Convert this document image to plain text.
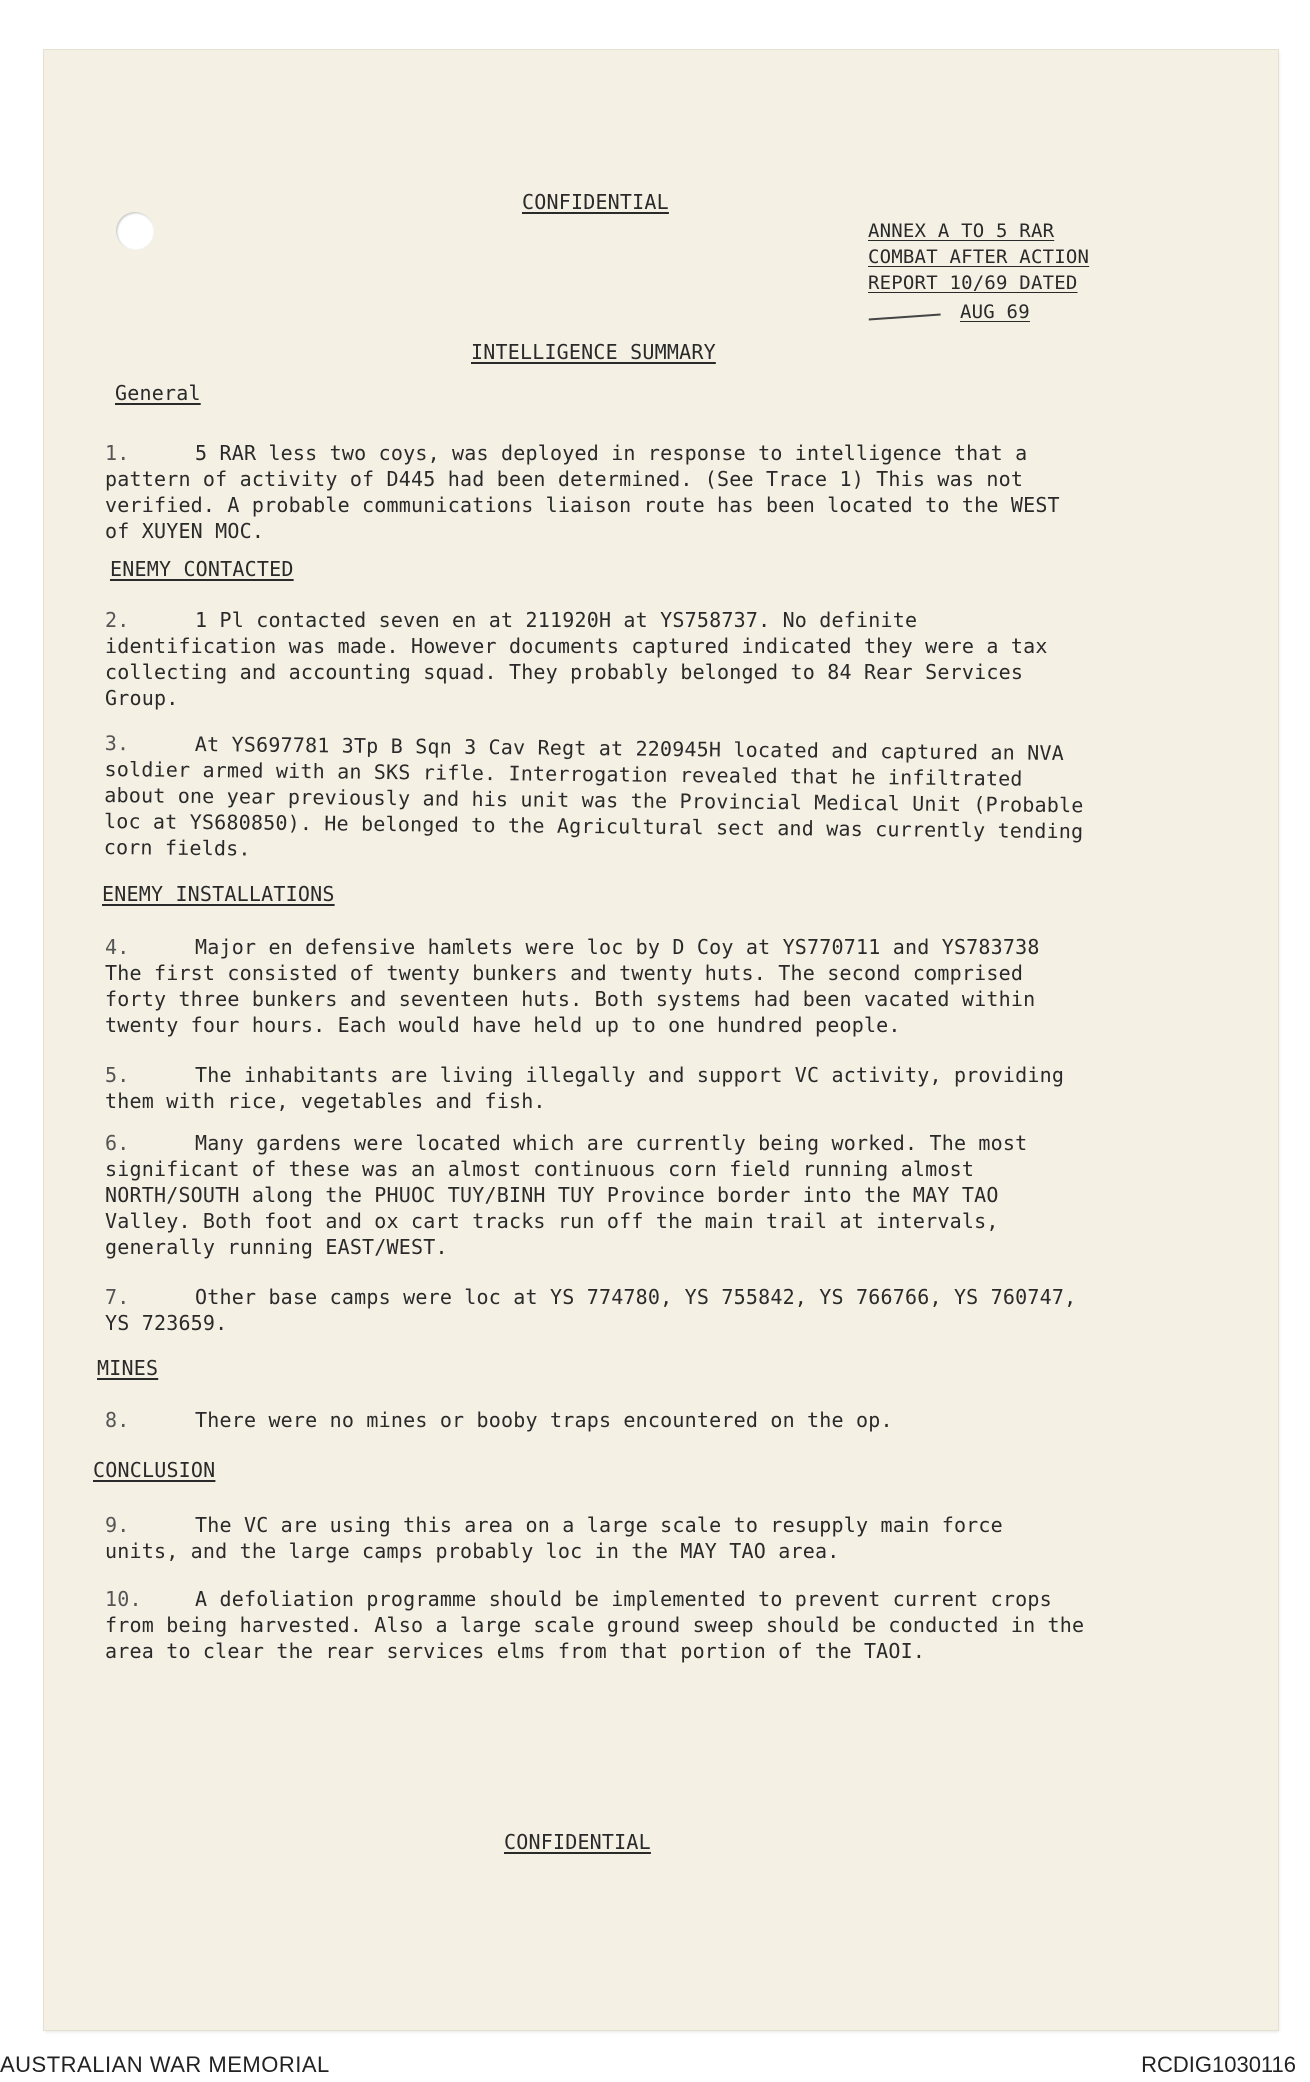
CONFIDENTIAL
ANNEX A TO 5 RAR
COMBAT AFTER ACTION
REPORT 10/69 DATED
AUG 69
INTELLIGENCE SUMMARY
General
1.	5 RAR less two coys, was deployed in response to intelligence that a pattern of activity of D445 had been determined. (See Trace 1) This was not verified. A probable communications liaison route has been located to the WEST of XUYEN MOC.
ENEMY CONTACTED
2.	1 Pl contacted seven en at 211920H at YS758737. No definite identification was made. However documents captured indicated they were a tax collecting and accounting squad. They probably belonged to 84 Rear Services Group.
3.	At YS697781 3Tp B Sqn 3 Cav Regt at 220945H located and captured an NVA soldier armed with an SKS rifle. Interrogation revealed that he infiltrated about one year previously and his unit was the Provincial Medical Unit (Probable loc at YS680850). He belonged to the Agricultural sect and was currently tending corn fields.
ENEMY INSTALLATIONS
4.	Major en defensive hamlets were loc by D Coy at YS770711 and YS783738 The first consisted of twenty bunkers and twenty huts. The second comprised forty three bunkers and seventeen huts. Both systems had been vacated within twenty four hours. Each would have held up to one hundred people.
5.	The inhabitants are living illegally and support VC activity, providing them with rice, vegetables and fish.
6.	Many gardens were located which are currently being worked. The most significant of these was an almost continuous corn field running almost NORTH/SOUTH along the PHUOC TUY/BINH TUY Province border into the MAY TAO Valley. Both foot and ox cart tracks run off the main trail at intervals, generally running EAST/WEST.
7.	Other base camps were loc at YS 774780, YS 755842, YS 766766, YS 760747, YS 723659.
MINES
8.	There were no mines or booby traps encountered on the op.
CONCLUSION
9.	The VC are using this area on a large scale to resupply main force units, and the large camps probably loc in the MAY TAO area.
10.	A defoliation programme should be implemented to prevent current crops from being harvested. Also a large scale ground sweep should be conducted in the area to clear the rear services elms from that portion of the TAOI.
CONFIDENTIAL
AUSTRALIAN WAR MEMORIAL	RCDIG1030116
